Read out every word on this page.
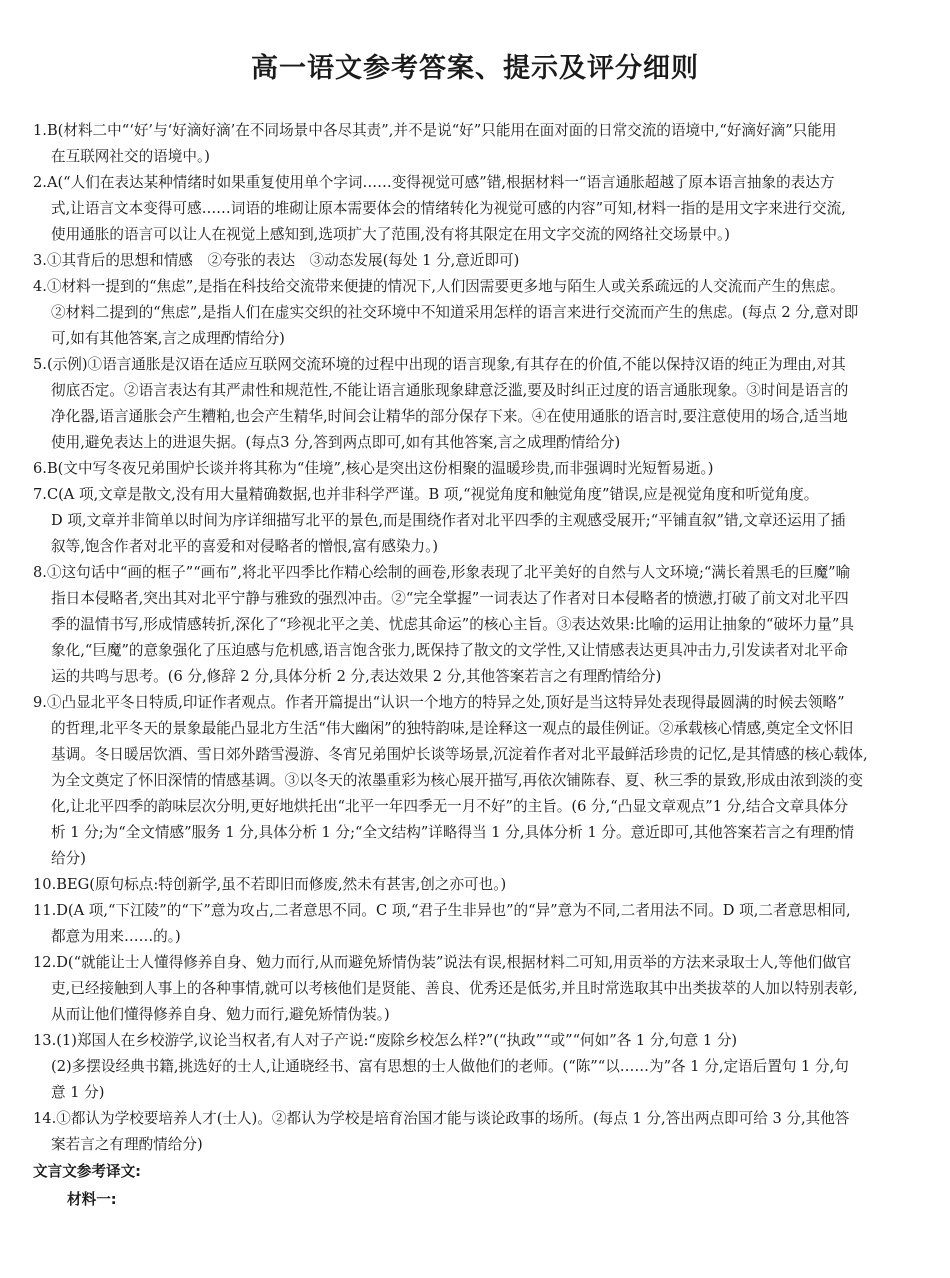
高一语文参考答案、提示及评分细则
1.B(材料二中“‘好’与‘好滴好滴’在不同场景中各尽其责”,并不是说“好”只能用在面对面的日常交流的语境中,“好滴好滴”只能用
在互联网社交的语境中。)
2.A(“人们在表达某种情绪时如果重复使用单个字词……变得视觉可感”错,根据材料一“语言通胀超越了原本语言抽象的表达方
式,让语言文本变得可感……词语的堆砌让原本需要体会的情绪转化为视觉可感的内容”可知,材料一指的是用文字来进行交流,
使用通胀的语言可以让人在视觉上感知到,选项扩大了范围,没有将其限定在用文字交流的网络社交场景中。)
3.①其背后的思想和情感　②夸张的表达　③动态发展(每处 1 分,意近即可)
4.①材料一提到的“焦虑”,是指在科技给交流带来便捷的情况下,人们因需要更多地与陌生人或关系疏远的人交流而产生的焦虑。
②材料二提到的“焦虑”,是指人们在虚实交织的社交环境中不知道采用怎样的语言来进行交流而产生的焦虑。(每点 2 分,意对即
可,如有其他答案,言之成理酌情给分)
5.(示例)①语言通胀是汉语在适应互联网交流环境的过程中出现的语言现象,有其存在的价值,不能以保持汉语的纯正为理由,对其
彻底否定。②语言表达有其严肃性和规范性,不能让语言通胀现象肆意泛滥,要及时纠正过度的语言通胀现象。③时间是语言的
净化器,语言通胀会产生糟粕,也会产生精华,时间会让精华的部分保存下来。④在使用通胀的语言时,要注意使用的场合,适当地
使用,避免表达上的进退失据。(每点3 分,答到两点即可,如有其他答案,言之成理酌情给分)
6.B(文中写冬夜兄弟围炉长谈并将其称为“佳境”,核心是突出这份相聚的温暖珍贵,而非强调时光短暂易逝。)
7.C(A 项,文章是散文,没有用大量精确数据,也并非科学严谨。B 项,“视觉角度和触觉角度”错误,应是视觉角度和听觉角度。
D 项,文章并非简单以时间为序详细描写北平的景色,而是围绕作者对北平四季的主观感受展开;“平铺直叙”错,文章还运用了插
叙等,饱含作者对北平的喜爱和对侵略者的憎恨,富有感染力。)
8.①这句话中“画的框子”“画布”,将北平四季比作精心绘制的画卷,形象表现了北平美好的自然与人文环境;“满长着黑毛的巨魔”喻
指日本侵略者,突出其对北平宁静与雅致的强烈冲击。②“完全掌握”一词表达了作者对日本侵略者的愤懑,打破了前文对北平四
季的温情书写,形成情感转折,深化了“珍视北平之美、忧虑其命运”的核心主旨。③表达效果:比喻的运用让抽象的“破坏力量”具
象化,“巨魔”的意象强化了压迫感与危机感,语言饱含张力,既保持了散文的文学性,又让情感表达更具冲击力,引发读者对北平命
运的共鸣与思考。(6 分,修辞 2 分,具体分析 2 分,表达效果 2 分,其他答案若言之有理酌情给分)
9.①凸显北平冬日特质,印证作者观点。作者开篇提出“认识一个地方的特异之处,顶好是当这特异处表现得最圆满的时候去领略”
的哲理,北平冬天的景象最能凸显北方生活“伟大幽闲”的独特韵味,是诠释这一观点的最佳例证。②承载核心情感,奠定全文怀旧
基调。冬日暖居饮酒、雪日郊外踏雪漫游、冬宵兄弟围炉长谈等场景,沉淀着作者对北平最鲜活珍贵的记忆,是其情感的核心载体,
为全文奠定了怀旧深情的情感基调。③以冬天的浓墨重彩为核心展开描写,再依次铺陈春、夏、秋三季的景致,形成由浓到淡的变
化,让北平四季的韵味层次分明,更好地烘托出“北平一年四季无一月不好”的主旨。(6 分,“凸显文章观点”1 分,结合文章具体分
析 1 分;为“全文情感”服务 1 分,具体分析 1 分;“全文结构”详略得当 1 分,具体分析 1 分。意近即可,其他答案若言之有理酌情
给分)
10.BEG(原句标点:特创新学,虽不若即旧而修废,然未有甚害,创之亦可也。)
11.D(A 项,“下江陵”的“下”意为攻占,二者意思不同。C 项,“君子生非异也”的“异”意为不同,二者用法不同。D 项,二者意思相同,
都意为用来……的。)
12.D(“就能让士人懂得修养自身、勉力而行,从而避免矫情伪装”说法有误,根据材料二可知,用贡举的方法来录取士人,等他们做官
吏,已经接触到人事上的各种事情,就可以考核他们是贤能、善良、优秀还是低劣,并且时常选取其中出类拔萃的人加以特别表彰,
从而让他们懂得修养自身、勉力而行,避免矫情伪装。)
13.(1)郑国人在乡校游学,议论当权者,有人对子产说:“废除乡校怎么样?”(“执政”“或”“何如”各 1 分,句意 1 分)
(2)多摆设经典书籍,挑选好的士人,让通晓经书、富有思想的士人做他们的老师。(“陈”“以……为”各 1 分,定语后置句 1 分,句
意 1 分)
14.①都认为学校要培养人才(士人)。②都认为学校是培育治国才能与谈论政事的场所。(每点 1 分,答出两点即可给 3 分,其他答
案若言之有理酌情给分)
文言文参考译文:
材料一:
